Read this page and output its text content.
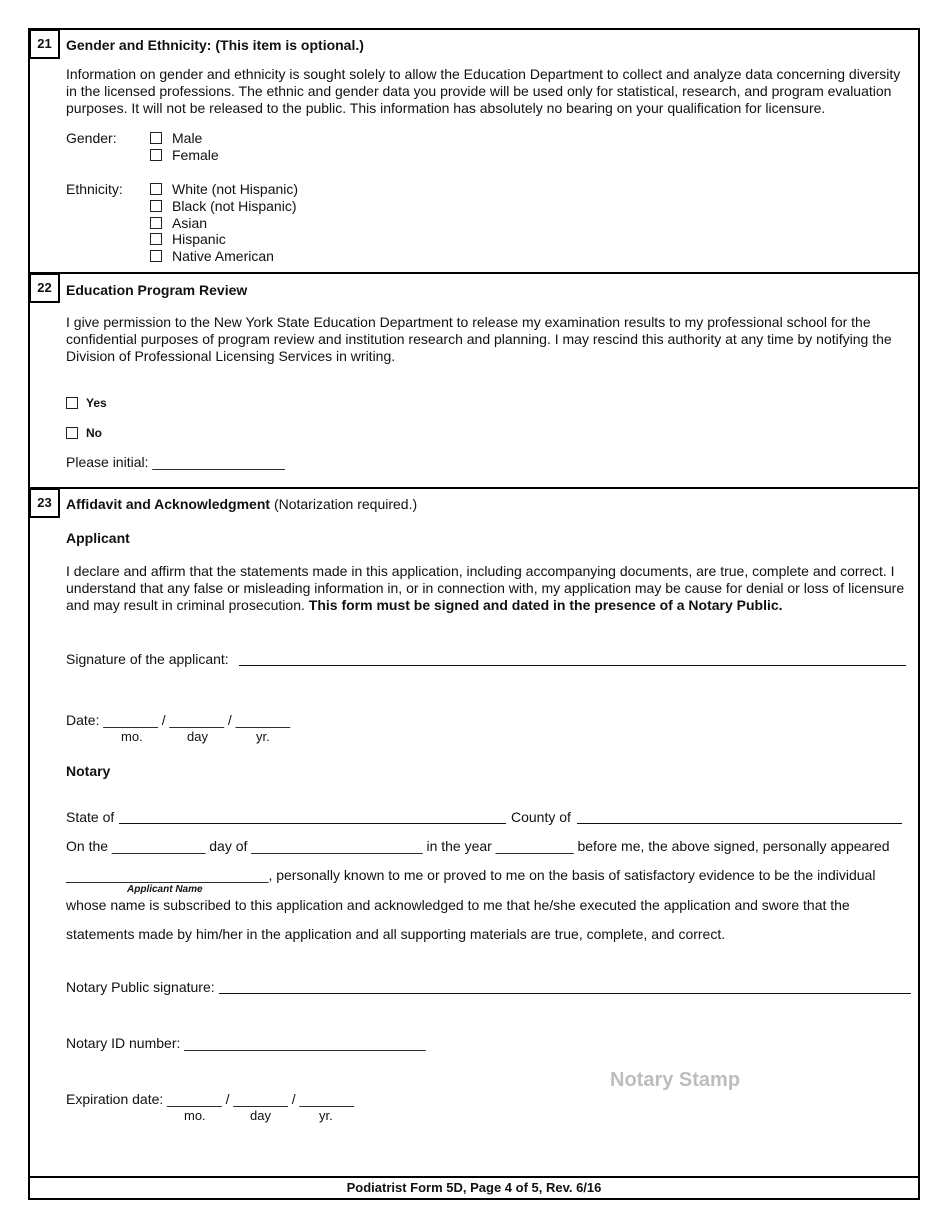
21	Gender and Ethnicity: (This item is optional.)
Information on gender and ethnicity is sought solely to allow the Education Department to collect and analyze data concerning diversity in the licensed professions. The ethnic and gender data you provide will be used only for statistical, research, and program evaluation purposes. It will not be released to the public. This information has absolutely no bearing on your qualification for licensure.
Gender:	Male
Female
Ethnicity:	White (not Hispanic)
Black (not Hispanic)
Asian
Hispanic
Native American
22	Education Program Review
I give permission to the New York State Education Department to release my examination results to my professional school for the confidential purposes of program review and institution research and planning. I may rescind this authority at any time by notifying the Division of Professional Licensing Services in writing.
Yes
No
Please initial: _________________
23	Affidavit and Acknowledgment (Notarization required.)
Applicant
I declare and affirm that the statements made in this application, including accompanying documents, are true, complete and correct. I understand that any false or misleading information in, or in connection with, my application may be cause for denial or loss of licensure and may result in criminal prosecution. This form must be signed and dated in the presence of a Notary Public.
Signature of the applicant:
Date: _______ / _______ / _______
mo.	day	yr.
Notary
State of	County of
On the ____________ day of ______________________ in the year __________ before me, the above signed, personally appeared
__________________________, personally known to me or proved to me on the basis of satisfactory evidence to be the individual
Applicant Name
whose name is subscribed to this application and acknowledged to me that he/she executed the application and swore that the
statements made by him/her in the application and all supporting materials are true, complete, and correct.
Notary Public signature:
Notary ID number: _______________________________
Notary Stamp
Expiration date: _______ / _______ / _______
mo.	day	yr.
Podiatrist Form 5D, Page 4 of 5, Rev. 6/16
